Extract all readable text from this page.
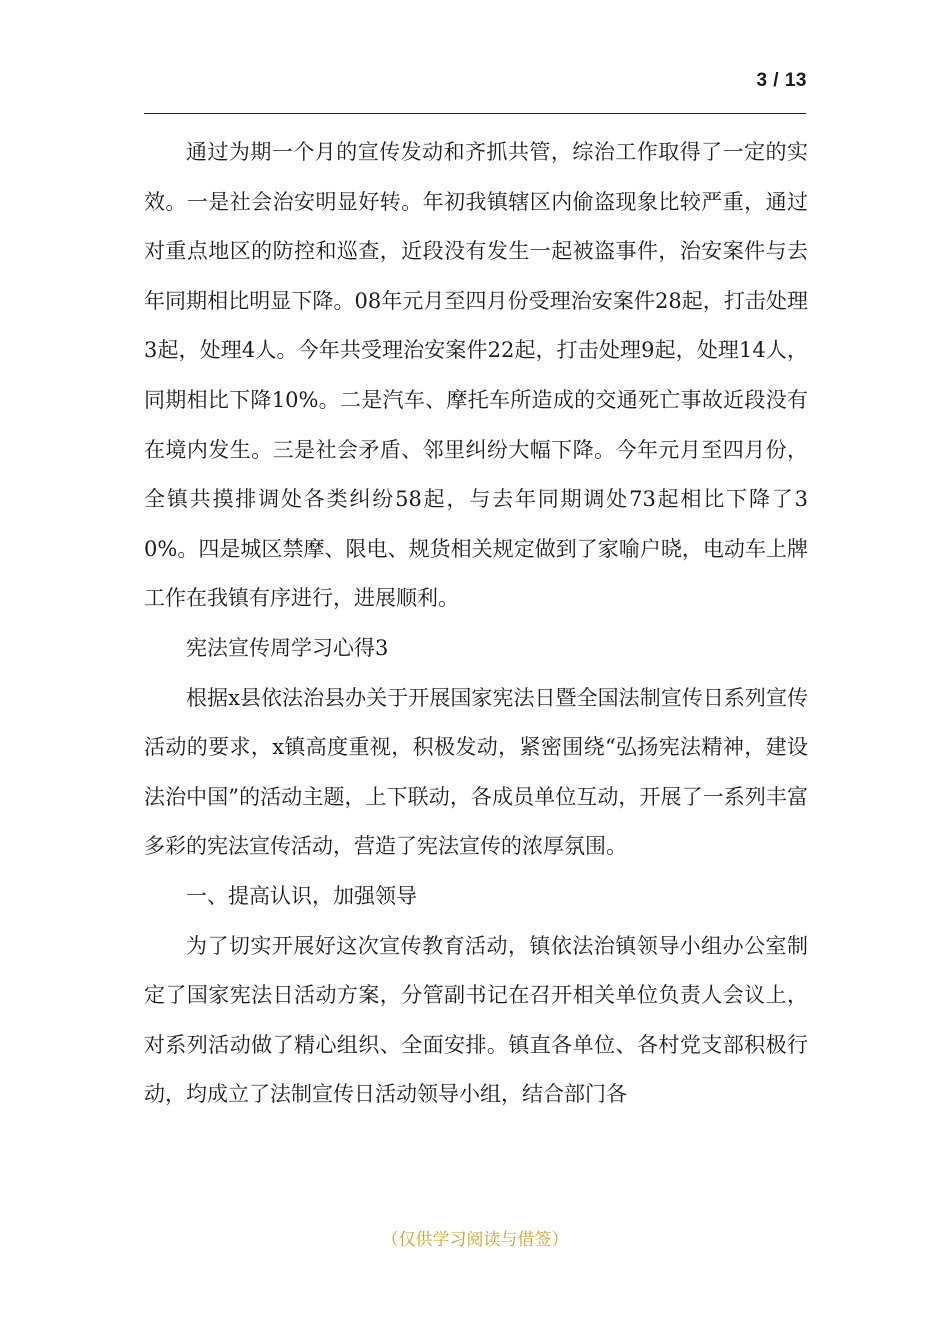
3 / 13

通过为期一个月的宣传发动和齐抓共管，综治工作取得了一定的实效。一是社会治安明显好转。年初我镇辖区内偷盗现象比较严重，通过对重点地区的防控和巡查，近段没有发生一起被盗事件，治安案件与去年同期相比明显下降。08年元月至四月份受理治安案件28起，打击处理3起，处理4人。今年共受理治安案件22起，打击处理9起，处理14人，同期相比下降10%。二是汽车、摩托车所造成的交通死亡事故近段没有在境内发生。三是社会矛盾、邻里纠纷大幅下降。今年元月至四月份，全镇共摸排调处各类纠纷58起，与去年同期调处73起相比下降了30%。四是城区禁摩、限电、规货相关规定做到了家喻户晓，电动车上牌工作在我镇有序进行，进展顺利。

宪法宣传周学习心得3

根据x县依法治县办关于开展国家宪法日暨全国法制宣传日系列宣传活动的要求，x镇高度重视，积极发动，紧密围绕“弘扬宪法精神，建设法治中国”的活动主题，上下联动，各成员单位互动，开展了一系列丰富多彩的宪法宣传活动，营造了宪法宣传的浓厚氛围。

一、提高认识，加强领导

为了切实开展好这次宣传教育活动，镇依法治镇领导小组办公室制定了国家宪法日活动方案，分管副书记在召开相关单位负责人会议上，对系列活动做了精心组织、全面安排。镇直各单位、各村党支部积极行动，均成立了法制宣传日活动领导小组，结合部门各

（仅供学习阅读与借签）
